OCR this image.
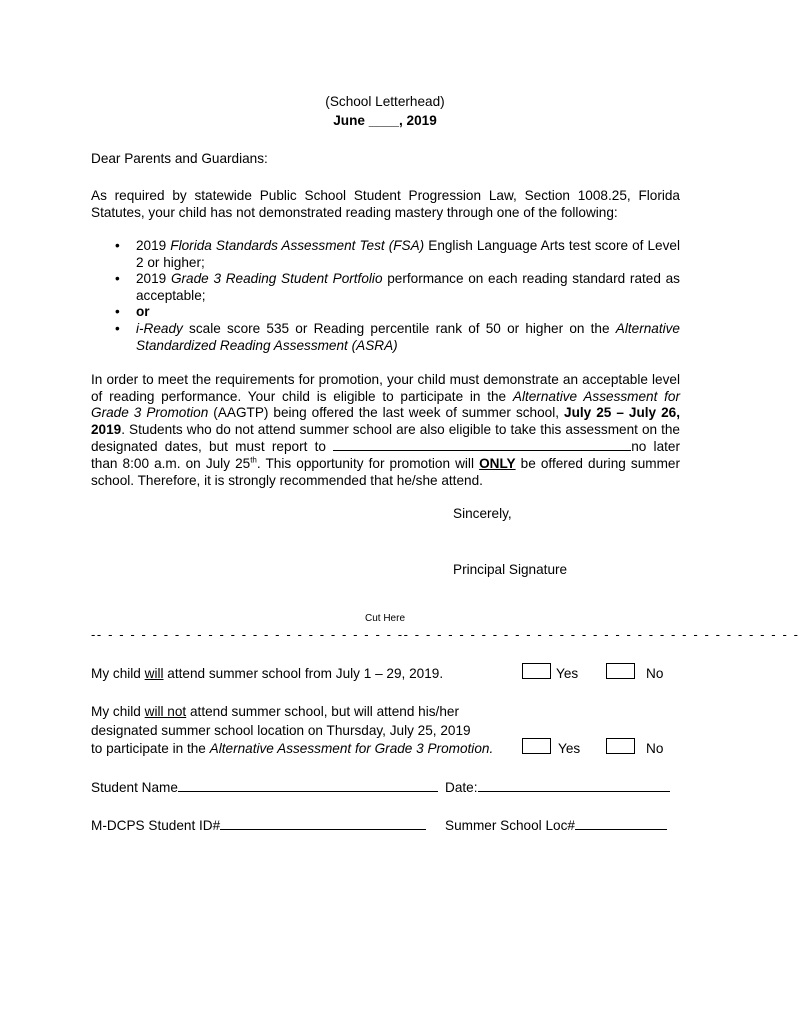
(School Letterhead)
June ____, 2019
Dear Parents and Guardians:
As required by statewide Public School Student Progression Law, Section 1008.25, Florida Statutes, your child has not demonstrated reading mastery through one of the following:
• 2019 Florida Standards Assessment Test (FSA) English Language Arts test score of Level 2 or higher;
• 2019 Grade 3 Reading Student Portfolio performance on each reading standard rated as acceptable;
• or
• i-Ready scale score 535 or Reading percentile rank of 50 or higher on the Alternative Standardized Reading Assessment (ASRA)
In order to meet the requirements for promotion, your child must demonstrate an acceptable level of reading performance. Your child is eligible to participate in the Alternative Assessment for Grade 3 Promotion (AAGTP) being offered the last week of summer school, July 25 – July 26, 2019. Students who do not attend summer school are also eligible to take this assessment on the designated dates, but must report to	no later than 8:00 a.m. on July 25th. This opportunity for promotion will ONLY be offered during summer school. Therefore, it is strongly recommended that he/she attend.
Sincerely,
Principal Signature
Cut Here
-- - - - - - - - - - - - - - - - - - - - - - - - - - - -- - - - - - - - - - - - - - - - - - - - - - - - - - - - - - - - - - - -
My child will attend summer school from July 1 – 29, 2019.	Yes	No
My child will not attend summer school, but will attend his/her
designated summer school location on Thursday, July 25, 2019
to participate in the Alternative Assessment for Grade 3 Promotion.	Yes	No
Student Name	Date:
M-DCPS Student ID#	Summer School Loc#
